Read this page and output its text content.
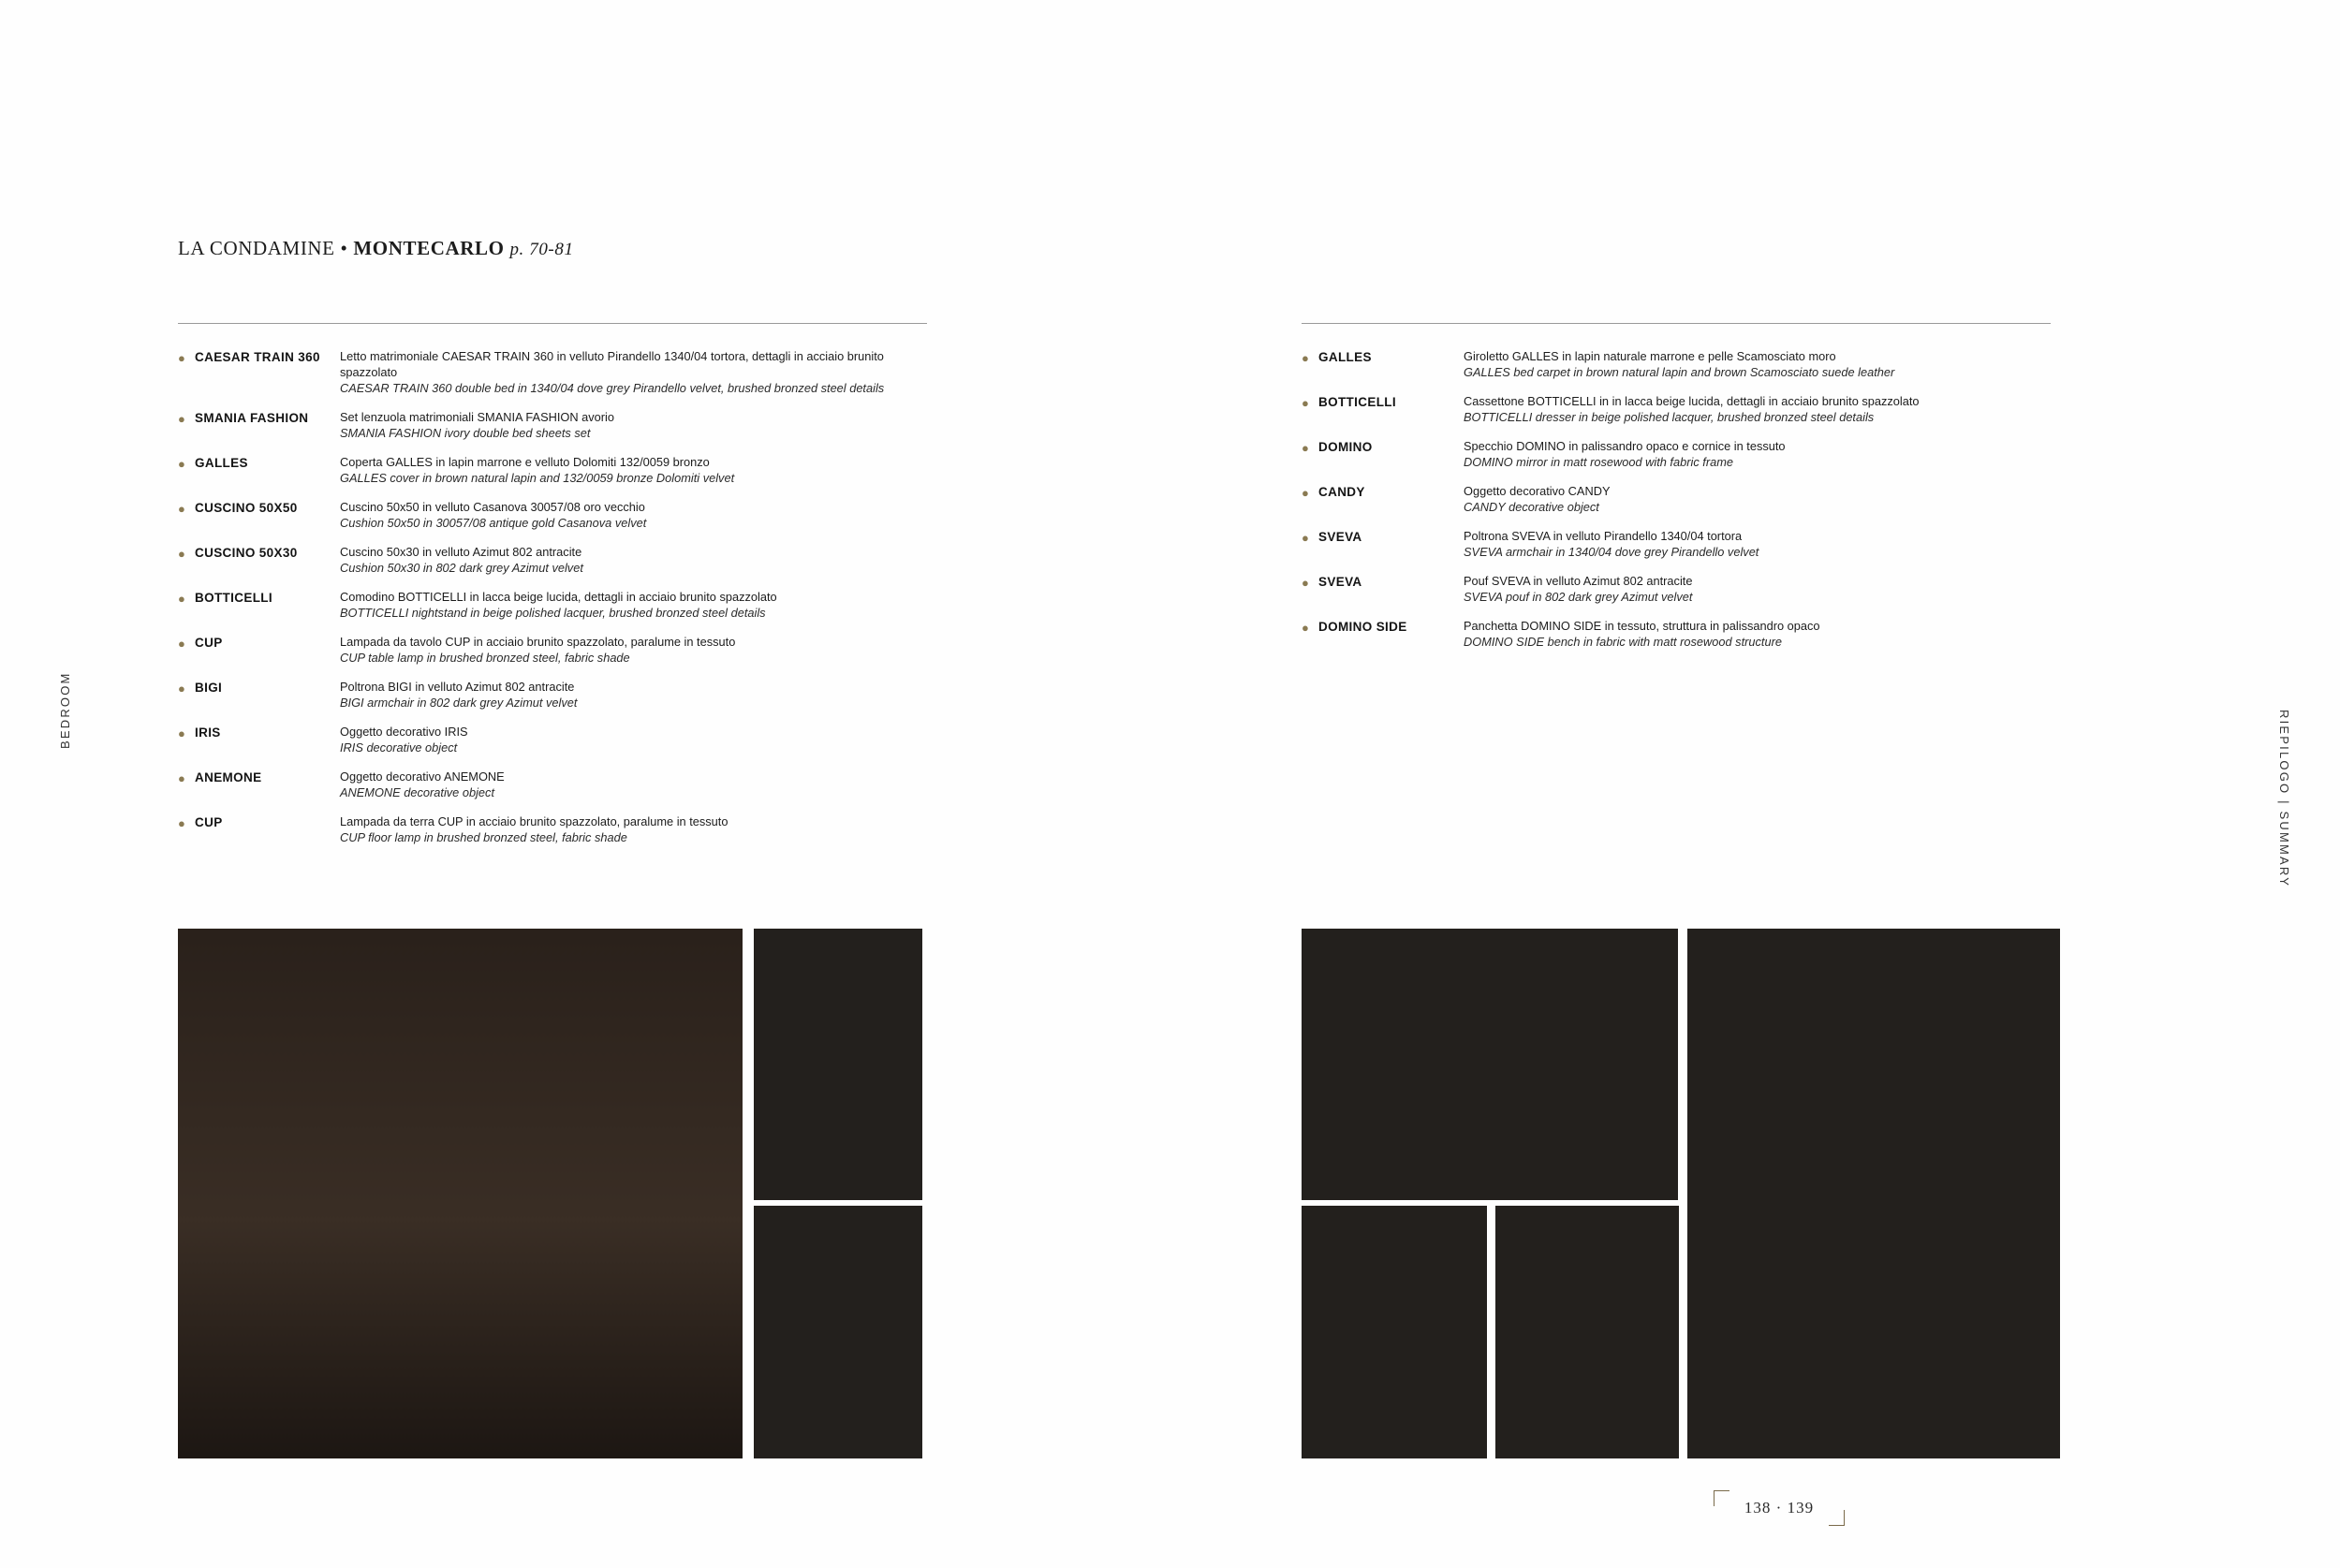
LA CONDAMINE • MONTECARLO p. 70-81
BEDROOM	RIEPILOGO | SUMMARY
● CAESAR TRAIN 360	Letto matrimoniale CAESAR TRAIN 360 in velluto Pirandello 1340/04 tortora, dettagli in acciaio brunito spazzolato
CAESAR TRAIN 360 double bed in 1340/04 dove grey Pirandello velvet, brushed bronzed steel details
● SMANIA FASHION	Set lenzuola matrimoniali SMANIA FASHION avorio
SMANIA FASHION ivory double bed sheets set
● GALLES	Coperta GALLES in lapin marrone e velluto Dolomiti 132/0059 bronzo
GALLES cover in brown natural lapin and 132/0059 bronze Dolomiti velvet
● CUSCINO 50X50	Cuscino 50x50 in velluto Casanova 30057/08 oro vecchio
Cushion 50x50 in 30057/08 antique gold Casanova velvet
● CUSCINO 50X30	Cuscino 50x30 in velluto Azimut 802 antracite
Cushion 50x30 in 802 dark grey Azimut velvet
● BOTTICELLI	Comodino BOTTICELLI in lacca beige lucida, dettagli in acciaio brunito spazzolato
BOTTICELLI nightstand in beige polished lacquer, brushed bronzed steel details
● CUP	Lampada da tavolo CUP in acciaio brunito spazzolato, paralume in tessuto
CUP table lamp in brushed bronzed steel, fabric shade
● BIGI	Poltrona BIGI in velluto Azimut 802 antracite
BIGI armchair in 802 dark grey Azimut velvet
● IRIS	Oggetto decorativo IRIS
IRIS decorative object
● ANEMONE	Oggetto decorativo ANEMONE
ANEMONE decorative object
● CUP	Lampada da terra CUP in acciaio brunito spazzolato, paralume in tessuto
CUP floor lamp in brushed bronzed steel, fabric shade
● GALLES	Giroletto GALLES in lapin naturale marrone e pelle Scamosciato moro
GALLES bed carpet in brown natural lapin and brown Scamosciato suede leather
● BOTTICELLI	Cassettone BOTTICELLI in in lacca beige lucida, dettagli in acciaio brunito spazzolato
BOTTICELLI dresser in beige polished lacquer, brushed bronzed steel details
● DOMINO	Specchio DOMINO in palissandro opaco e cornice in tessuto
DOMINO mirror in matt rosewood with fabric frame
● CANDY	Oggetto decorativo CANDY
CANDY decorative object
● SVEVA	Poltrona SVEVA in velluto Pirandello 1340/04 tortora
SVEVA armchair in 1340/04 dove grey Pirandello velvet
● SVEVA	Pouf SVEVA in velluto Azimut 802 antracite
SVEVA pouf in 802 dark grey Azimut velvet
● DOMINO SIDE	Panchetta DOMINO SIDE in tessuto, struttura in palissandro opaco
DOMINO SIDE bench in fabric with matt rosewood structure
138 · 139
